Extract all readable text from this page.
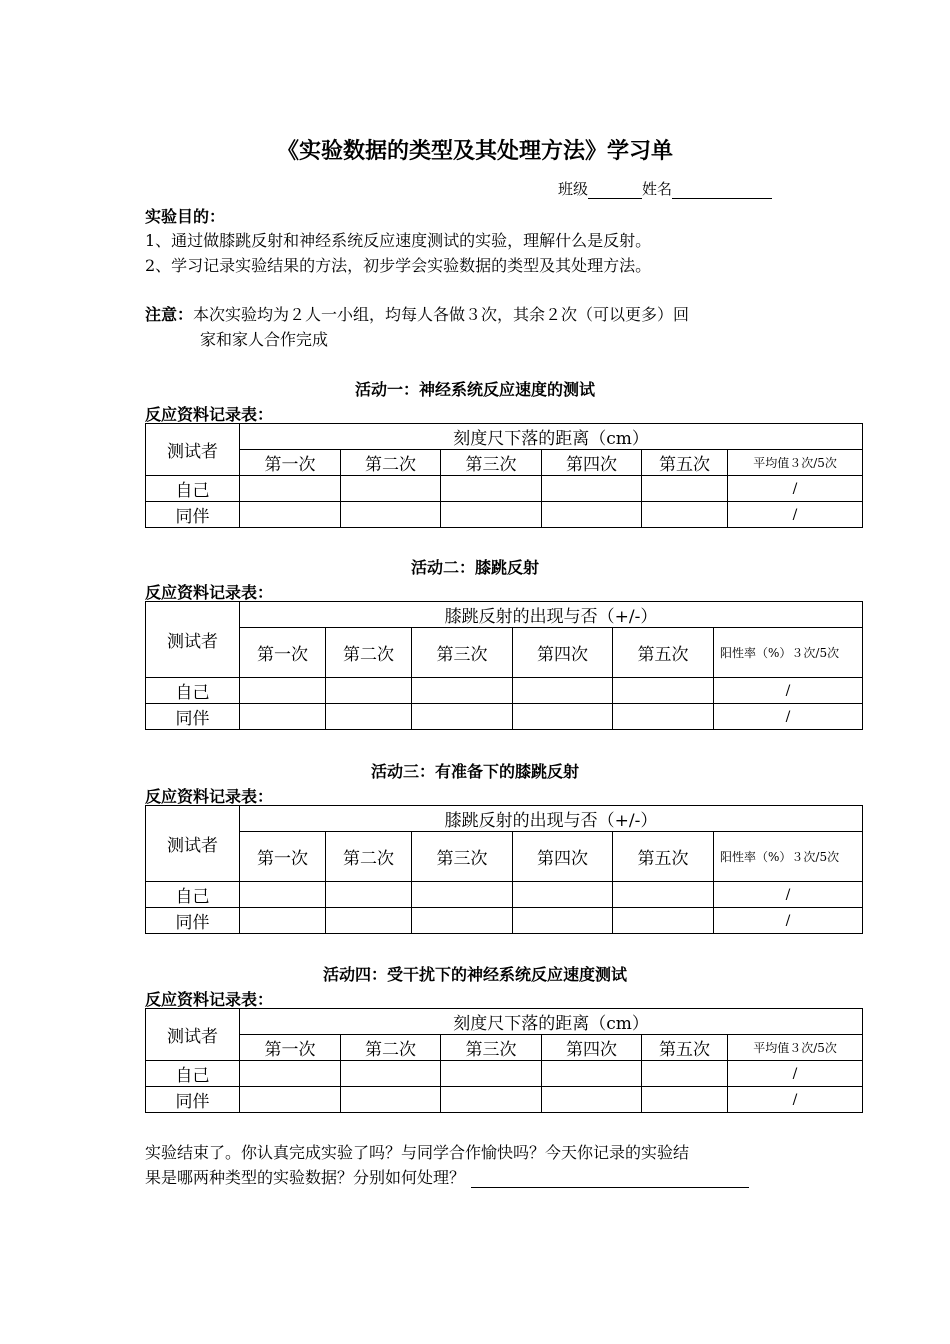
《实验数据的类型及其处理方法》学习单
班级	姓名
实验目的：
1、通过做膝跳反射和神经系统反应速度测试的实验，理解什么是反射。
2、学习记录实验结果的方法，初步学会实验数据的类型及其处理方法。
注意：本次实验均为２人一小组，均每人各做３次，其余２次（可以更多）回
家和家人合作完成
活动一：神经系统反应速度的测试
反应资料记录表：
测试者	刻度尺下落的距离（cm）					
	第一次	第二次	第三次	第四次	第五次	平均值３次/5次
自己						/
同伴						/
活动二：膝跳反射
反应资料记录表：
测试者	膝跳反射的出现与否（+/-）					
	第一次	第二次	第三次	第四次	第五次	阳性率（%）３次/5次
自己						/
同伴						/
活动三：有准备下的膝跳反射
反应资料记录表：
测试者	膝跳反射的出现与否（+/-）					
	第一次	第二次	第三次	第四次	第五次	阳性率（%）３次/5次
自己						/
同伴						/
活动四：受干扰下的神经系统反应速度测试
反应资料记录表：
测试者	刻度尺下落的距离（cm）					
	第一次	第二次	第三次	第四次	第五次	平均值３次/5次
自己						/
同伴						/
实验结束了。你认真完成实验了吗？与同学合作愉快吗？今天你记录的实验结
果是哪两种类型的实验数据？分别如何处理？
